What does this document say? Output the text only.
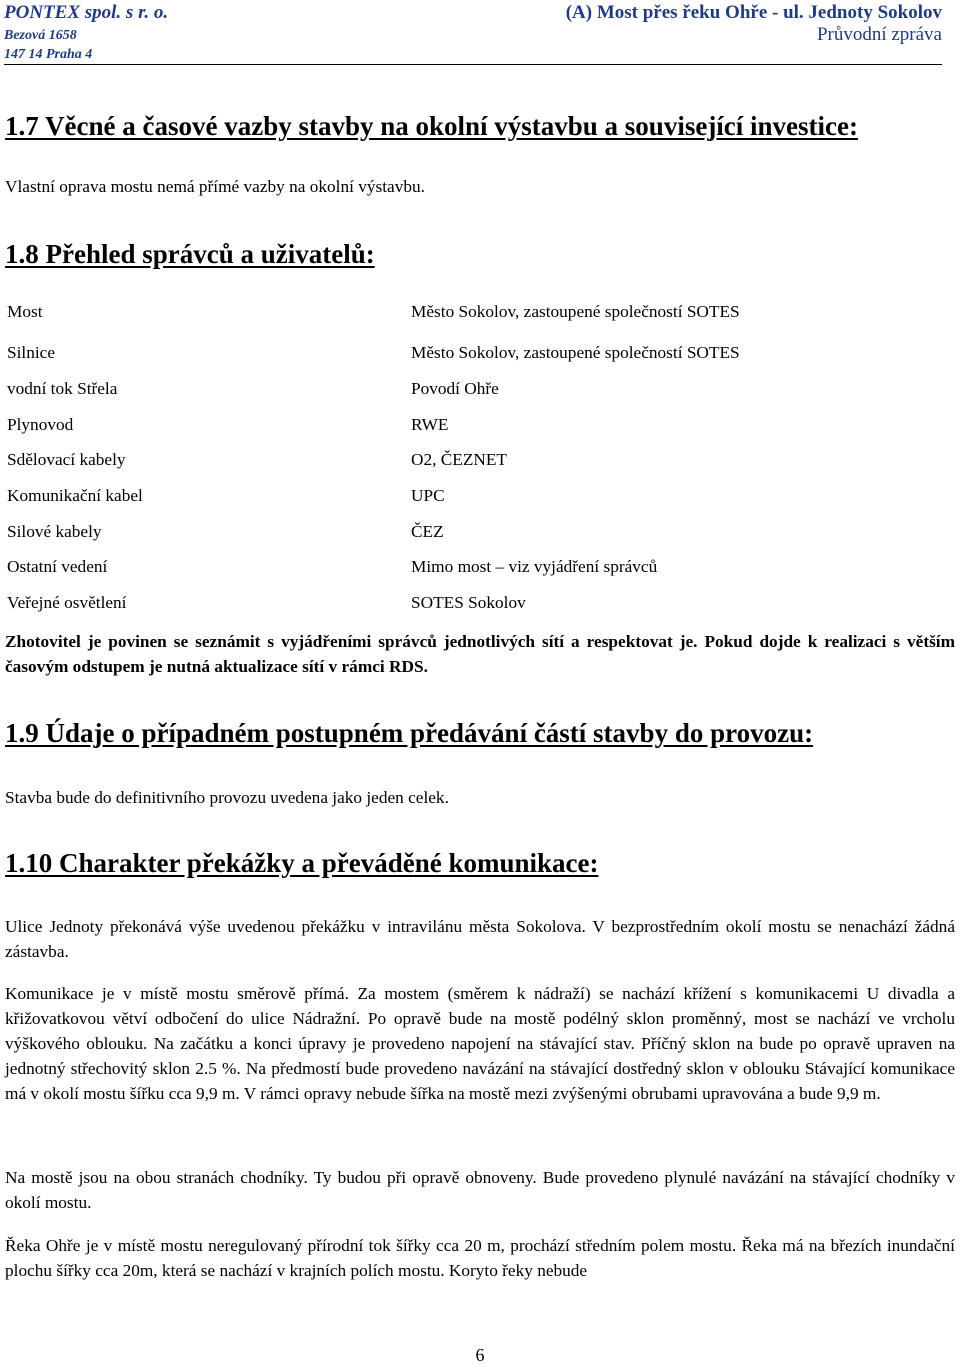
PONTEX spol. s r. o.
Bezová 1658
147 14 Praha 4
(A) Most přes řeku Ohře - ul. Jednoty Sokolov
Průvodní zpráva
1.7 Věcné a časové vazby stavby na okolní výstavbu a související investice:

Vlastní oprava mostu nemá přímé vazby na okolní výstavbu.

1.8 Přehled správců a uživatelů:
Most	Město Sokolov, zastoupené společností SOTES
Silnice	Město Sokolov, zastoupené společností SOTES
vodní tok Střela	Povodí Ohře
Plynovod	RWE
Sdělovací kabely	O2, ČEZNET
Komunikační kabel	UPC
Silové kabely	ČEZ
Ostatní vedení	Mimo most – viz vyjádření správců
Veřejné osvětlení	SOTES Sokolov

Zhotovitel je povinen se seznámit s vyjádřeními správců jednotlivých sítí a respektovat je. Pokud dojde k realizaci s větším časovým odstupem je nutná aktualizace sítí v rámci RDS.

1.9 Údaje o případném postupném předávání částí stavby do provozu:

Stavba bude do definitivního provozu uvedena jako jeden celek.

1.10 Charakter překážky a převáděné komunikace:

Ulice Jednoty překonává výše uvedenou překážku v intravilánu města Sokolova. V bezprostředním okolí mostu se nenachází žádná zástavba.

Komunikace je v místě mostu směrově přímá. Za mostem (směrem k nádraží) se nachází křížení s komunikacemi U divadla a křižovatkovou větví odbočení do ulice Nádražní. Po opravě bude na mostě podélný sklon proměnný, most se nachází ve vrcholu výškového oblouku. Na začátku a konci úpravy je provedeno napojení na stávající stav. Příčný sklon na bude po opravě upraven na jednotný střechovitý sklon 2.5 %. Na předmostí bude provedeno navázání na stávající dostředný sklon v oblouku Stávající komunikace má v okolí mostu šířku cca 9,9 m. V rámci opravy nebude šířka na mostě mezi zvýšenými obrubami upravována a bude 9,9 m.

Na mostě jsou na obou stranách chodníky. Ty budou při opravě obnoveny. Bude provedeno plynulé navázání na stávající chodníky v okolí mostu.

Řeka Ohře je v místě mostu neregulovaný přírodní tok šířky cca 20 m, prochází středním polem mostu. Řeka má na březích inundační plochu šířky cca 20m, která se nachází v krajních polích mostu. Koryto řeky nebude

6
